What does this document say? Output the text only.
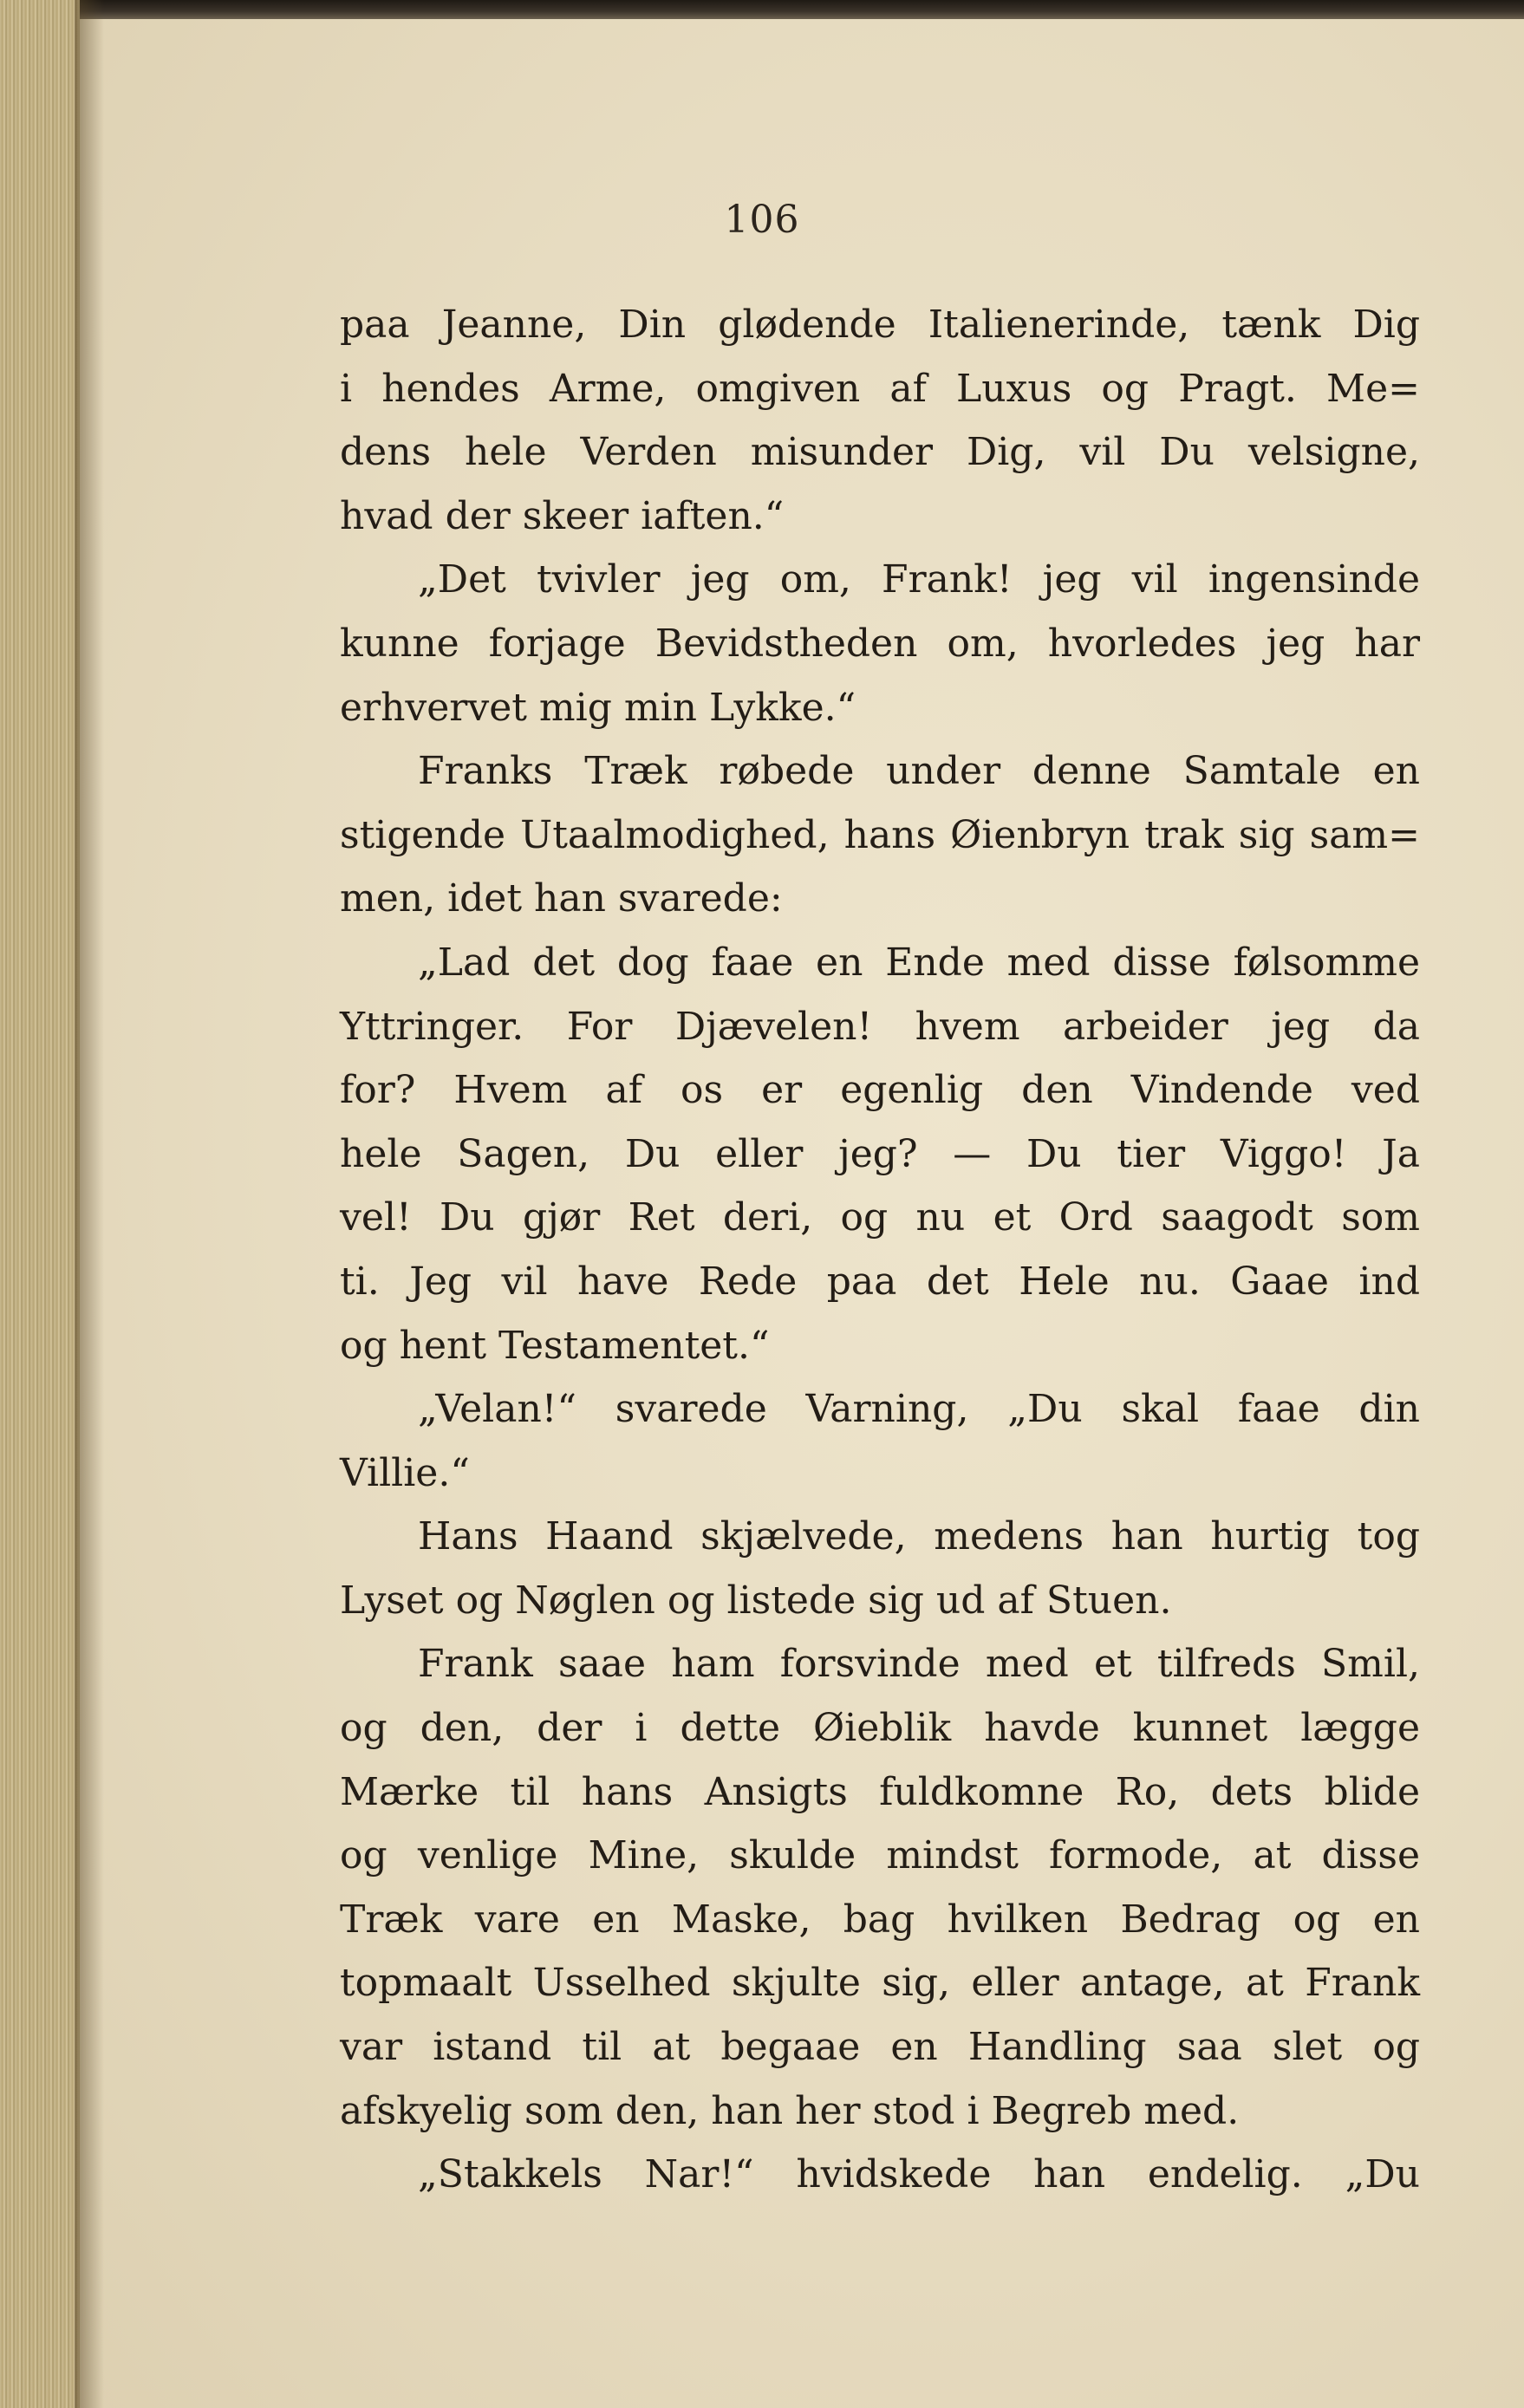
106
paa Jeanne, Din glødende Italienerinde, tænk Dig
i hendes Arme, omgiven af Luxus og Pragt. Me=
dens hele Verden misunder Dig, vil Du velsigne,
hvad der skeer iaften.“
„Det tvivler jeg om, Frank! jeg vil ingensinde
kunne forjage Bevidstheden om, hvorledes jeg har
erhvervet mig min Lykke.“
Franks Træk røbede under denne Samtale en
stigende Utaalmodighed, hans Øienbryn trak sig sam=
men, idet han svarede:
„Lad det dog faae en Ende med disse følsomme
Yttringer. For Djævelen! hvem arbeider jeg da
for? Hvem af os er egenlig den Vindende ved
hele Sagen, Du eller jeg? — Du tier Viggo! Ja
vel! Du gjør Ret deri, og nu et Ord saagodt som
ti. Jeg vil have Rede paa det Hele nu. Gaae ind
og hent Testamentet.“
„Velan!“ svarede Varning, „Du skal faae din
Villie.“
Hans Haand skjælvede, medens han hurtig tog
Lyset og Nøglen og listede sig ud af Stuen.
Frank saae ham forsvinde med et tilfreds Smil,
og den, der i dette Øieblik havde kunnet lægge
Mærke til hans Ansigts fuldkomne Ro, dets blide
og venlige Mine, skulde mindst formode, at disse
Træk vare en Maske, bag hvilken Bedrag og en
topmaalt Usselhed skjulte sig, eller antage, at Frank
var istand til at begaae en Handling saa slet og
afskyelig som den, han her stod i Begreb med.
„Stakkels Nar!“ hvidskede han endelig. „Du
